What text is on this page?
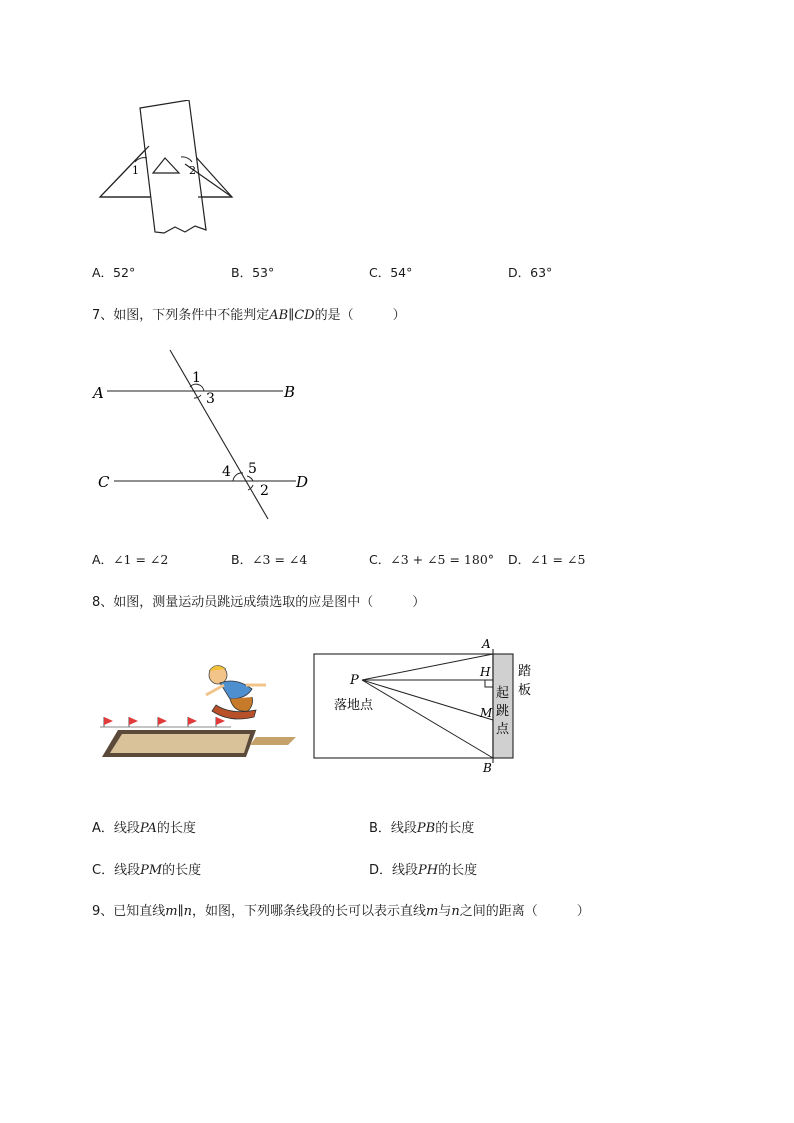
1	2
A．52°	B．53°	C．54°	D．63°
7、如图，下列条件中不能判定AB∥CD的是（　　　）
A	B
C	D
1
3
4 5
2
A．∠1 = ∠2	B．∠3 = ∠4	C．∠3 + ∠5 = 180° D．∠1 = ∠5
8、如图，测量运动员跳远成绩选取的应是图中（　　　）
A
H
M
B
P
落地点
踏
板
起
跳
点
A．线段PA的长度	B．线段PB的长度
C．线段PM的长度	D．线段PH的长度
9、已知直线m∥n，如图，下列哪条线段的长可以表示直线m与n之间的距离（　　　）
